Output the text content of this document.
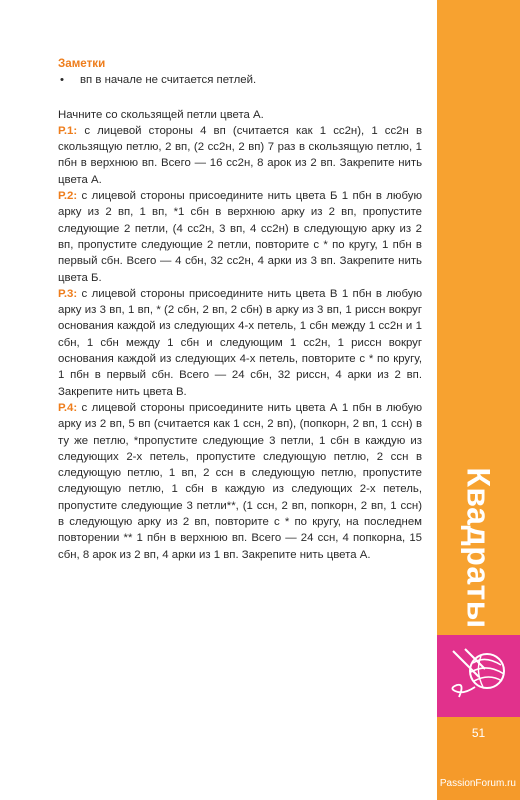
Заметки
•	вп в начале не считается петлей.
Начните со скользящей петли цвета А.
Р.1: с лицевой стороны 4 вп (считается как 1 сс2н), 1 сс2н в скользящую петлю, 2 вп, (2 сс2н, 2 вп) 7 раз в скользящую петлю, 1 пбн в верхнюю вп. Всего — 16 сс2н, 8 арок из 2 вп. Закрепите нить цвета А.
Р.2: с лицевой стороны присоедините нить цвета Б 1 пбн в любую арку из 2 вп, 1 вп, *1 сбн в верхнюю арку из 2 вп, пропустите следующие 2 петли, (4 сс2н, 3 вп, 4 сс2н) в следующую арку из 2 вп, пропустите следующие 2 петли, повторите с * по кругу, 1 пбн в первый сбн. Всего — 4 сбн, 32 сс2н, 4 арки из 3 вп. Закрепите нить цвета Б.
Р.3: с лицевой стороны присоедините нить цвета В 1 пбн в любую арку из 3 вп, 1 вп, * (2 сбн, 2 вп, 2 сбн) в арку из 3 вп, 1 риссн вокруг основания каждой из следующих 4-х петель, 1 сбн между 1 сс2н и 1 сбн, 1 сбн между 1 сбн и следующим 1 сс2н, 1 риссн вокруг основания каждой из следующих 4-х петель, повторите с * по кругу, 1 пбн в первый сбн. Всего — 24 сбн, 32 риссн, 4 арки из 2 вп. Закрепите нить цвета В.
Р.4: с лицевой стороны присоедините нить цвета А 1 пбн в любую арку из 2 вп, 5 вп (считается как 1 ссн, 2 вп), (попкорн, 2 вп, 1 ссн) в ту же петлю, *пропустите следующие 3 петли, 1 сбн в каждую из следующих 2-х петель, пропустите следующую петлю, 2 ссн в следующую петлю, 1 вп, 2 ссн в следующую петлю, пропустите следующую петлю, 1 сбн в каждую из следующих 2-х петель, пропустите следующие 3 петли**, (1 ссн, 2 вп, попкорн, 2 вп, 1 ссн) в следующую арку из 2 вп, повторите с * по кругу, на последнем повторении ** 1 пбн в верхнюю вп. Всего — 24 ссн, 4 попкорна, 15 сбн, 8 арок из 2 вп, 4 арки из 1 вп. Закрепите нить цвета А.	Квадраты
51
PassionForum.ru
